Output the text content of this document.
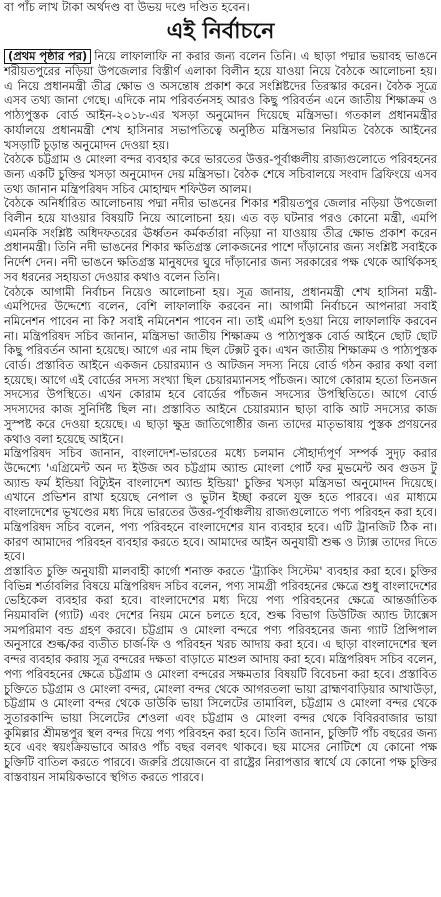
বা পাঁচ লাখ টাকা অর্থদণ্ড বা উভয় দণ্ডে দণ্ডিত হবেন।
এই নির্বাচনে

(প্রথম পৃষ্ঠার পর) নিয়ে লাফালাফি না করার জন্য বলেন তিনি। এ ছাড়া পদ্মার ভয়াবহ ভাঙনে শরীয়তপুরের নড়িয়া উপজেলার বিস্তীর্ণ এলাকা বিলীন হয়ে যাওয়া নিয়ে বৈঠকে আলোচনা হয়। এ নিয়ে প্রধানমন্ত্রী তীব্র ক্ষোভ ও অসন্তোষ প্রকাশ করে সংশ্লিষ্টদের তিরস্কার করেন। বৈঠক সূত্রে এসব তথ্য জানা গেছে। এদিকে নাম পরিবর্তনসহ আরও কিছু পরিবর্তন এনে জাতীয় শিক্ষাক্রম ও পাঠ্যপুস্তক বোর্ড আইন-২০১৮-এর খসড়া অনুমোদন দিয়েছে মন্ত্রিসভা। গতকাল প্রধানমন্ত্রীর কার্যালয়ে প্রধানমন্ত্রী শেখ হাসিনার সভাপতিত্বে অনুষ্ঠিত মন্ত্রিসভার নিয়মিত বৈঠকে আইনের খসড়াটি চূড়ান্ত অনুমোদন দেওয়া হয়।

বৈঠকে চট্টগ্রাম ও মোংলা বন্দর ব্যবহার করে ভারতের উত্তর-পূর্বাঞ্চলীয় রাজ্যগুলোতে পরিবহনের জন্য একটি চুক্তির খসড়া অনুমোদন দেয় মন্ত্রিসভা। বৈঠক শেষে সচিবালয়ে সংবাদ ব্রিফিংয়ে এসব তথ্য জানান মন্ত্রিপরিষদ সচিব মোহাম্মদ শফিউল আলম।

বৈঠকে অনির্ধারিত আলোচনায় পদ্মা নদীর ভাঙনের শিকার শরীয়তপুর জেলার নড়িয়া উপজেলা বিলীন হয়ে যাওয়ার বিষয়টি নিয়ে আলোচনা হয়। এত বড় ঘটনার পরও কোনো মন্ত্রী, এমপি এমনকি সংশ্লিষ্ট অধিদফতরের ঊর্ধ্বতন কর্মকর্তারা নড়িয়া না যাওয়ায় তীব্র ক্ষোভ প্রকাশ করেন প্রধানমন্ত্রী। তিনি নদী ভাঙনের শিকার ক্ষতিগ্রস্ত লোকজনের পাশে দাঁড়ানোর জন্য সংশ্লিষ্ট সবাইকে নির্দেশ দেন। নদী ভাঙনে ক্ষতিগ্রস্ত মানুষদের ঘুরে দাঁড়ানোর জন্য সরকারের পক্ষ থেকে আর্থিকসহ সব ধরনের সহায়তা দেওয়ার কথাও বলেন তিনি।

বৈঠকে আগামী নির্বাচন নিয়েও আলোচনা হয়। সূত্র জানায়, প্রধানমন্ত্রী শেখ হাসিনা মন্ত্রী-এমপিদের উদ্দেশ্যে বলেন, বেশি লাফালাফি করবেন না। আগামী নির্বাচনে আপনারা সবাই নমিনেশন পাবেন না কি? সবাই নমিনেশন পাবেন না। তাই এমপি হওয়া নিয়ে লাফালাফি করবেন না। মন্ত্রিপরিষদ সচিব জানান, মন্ত্রিসভা জাতীয় শিক্ষাক্রম ও পাঠ্যপুস্তক বোর্ড আইনে ছোট ছোট কিছু পরিবর্তন আনা হয়েছে। আগে এর নাম ছিল টেক্সট বুক। এখন জাতীয় শিক্ষাক্রম ও পাঠ্যপুস্তক বোর্ড। প্রস্তাবিত আইনে একজন চেয়ারম্যান ও আটজন সদস্য নিয়ে বোর্ড গঠন করার কথা বলা হয়েছে। আগে এই বোর্ডের সদস্য সংখ্যা ছিল চেয়ারম্যানসহ পাঁচজন। আগে কোরাম হতো তিনজন সদস্যের উপস্থিতে। এখন কোরাম হবে বোর্ডের পাঁচজন সদস্যের উপস্থিতিতে। আগে বোর্ড সদস্যদের কাজ সুনির্দিষ্ট ছিল না। প্রস্তাবিত আইনে চেয়ারম্যান ছাড়া বাকি আট সদস্যের কাজ সুস্পষ্ট করে দেওয়া হয়েছে। এ ছাড়া ক্ষুদ্র জাতিগোষ্ঠীর জন্য তাদের মাতৃভাষায় পুস্তক প্রণয়নের কথাও বলা হয়েছে আইনে।

মন্ত্রিপরিষদ সচিব জানান, বাংলাদেশ-ভারতের মধ্যে চলমান সৌহার্দ্যপূর্ণ সম্পর্ক সুদৃঢ় করার উদ্দেশ্যে 'এগ্রিমেন্ট অন দ্য ইউজ অব চট্টগ্রাম অ্যান্ড মোংলা পোর্ট ফর মুভমেন্ট অব গুডস টু অ্যান্ড ফর্ম ইন্ডিয়া বিট্যুইন বাংলাদেশ অ্যান্ড ইন্ডিয়া' চুক্তির খসড়া মন্ত্রিসভা অনুমোদন দিয়েছে। এখানে প্রভিশন রাখা হয়েছে নেপাল ও ভুটান ইচ্ছা করলে যুক্ত হতে পারবে। এর মাধ্যমে বাংলাদেশের ভূখণ্ডের মধ্য দিয়ে ভারতের উত্তর-পূর্বাঞ্চলীয় রাজ্যগুলোতে পণ্য পরিবহন করা হবে। মন্ত্রিপরিষদ সচিব বলেন, পণ্য পরিবহনে বাংলাদেশের যান ব্যবহার হবে। এটি ট্রানজিট ঠিক না। কারণ আমাদের পরিবহন ব্যবহার করতে হবে। আমাদের আইন অনুযায়ী শুল্ক ও ট্যাক্স তাদের দিতে হবে।

প্রস্তাবিত চুক্তি অনুযায়ী মালবাহী কার্গো শনাক্ত করতে 'ট্র্যাকিং সিস্টেম' ব্যবহার করা হবে। চুক্তির বিভিন্ন শর্তাবলির বিষয়ে মন্ত্রিপরিষদ সচিব বলেন, পণ্য সামগ্রী পরিবহনের ক্ষেত্রে শুধু বাংলাদেশের ভেহিকেল ব্যবহার করা হবে। বাংলাদেশের মধ্য দিয়ে পণ্য পরিবহনের ক্ষেত্রে আন্তর্জাতিক নিয়মাবলি (গ্যাট) এবং দেশের নিয়ম মেনে চলতে হবে, শুল্ক বিভাগ ডিউটিজ অ্যান্ড ট্যাক্সেস সমপরিমাণ বন্ড গ্রহণ করবে। চট্টগ্রাম ও মোংলা বন্দরে পণ্য পরিবহনের জন্য গ্যাট প্রিন্সিপাল অনুসারে শুল্ক/কর ব্যতীত চার্জ-ফি ও পরিবহন খরচ আদায় করা হবে। এ ছাড়া বাংলাদেশের স্থল বন্দর ব্যবহার করায় সূত্র বন্দরের দক্ষতা বাড়াতে মাশুল আদায় করা হবে। মন্ত্রিপরিষদ সচিব বলেন, পণ্য পরিবহনের ক্ষেত্রে চট্টগ্রাম ও মোংলা বন্দরের সক্ষমতার বিষয়টি বিবেচনা করা হবে। প্রস্তাবিত চুক্তিতে চট্টগ্রাম ও মোংলা বন্দর, মোংলা বন্দর থেকে আগরতলা ভায়া ব্রাহ্মণবাড়িয়ার আখাউড়া, চট্টগ্রাম ও মোংলা বন্দর থেকে ডাউকি ভায়া সিলেটের তামাবিল, চট্টগ্রাম ও মোংলা বন্দর থেকে সুতারকান্দি ভায়া সিলেটের শেওলা এবং চট্টগ্রাম ও মোংলা বন্দর থেকে বিবিরবাজার ভায়া কুমিল্লার শ্রীমন্তপুর স্থল বন্দর দিয়ে পণ্য পরিবহন করা হবে। তিনি জানান, চুক্তিটি পাঁচ বছরের জন্য হবে এবং স্বয়ংক্রিয়ভাবে আরও পাঁচ বছর বলবৎ থাকবে। ছয় মাসের নোটিশে যে কোনো পক্ষ চুক্তিটি বাতিল করতে পারবে। জরুরি প্রয়োজনে বা রাষ্ট্রের নিরাপত্তার স্বার্থে যে কোনো পক্ষ চুক্তির বাস্তবায়ন সাময়িকভাবে স্থগিত করতে পারবে।
